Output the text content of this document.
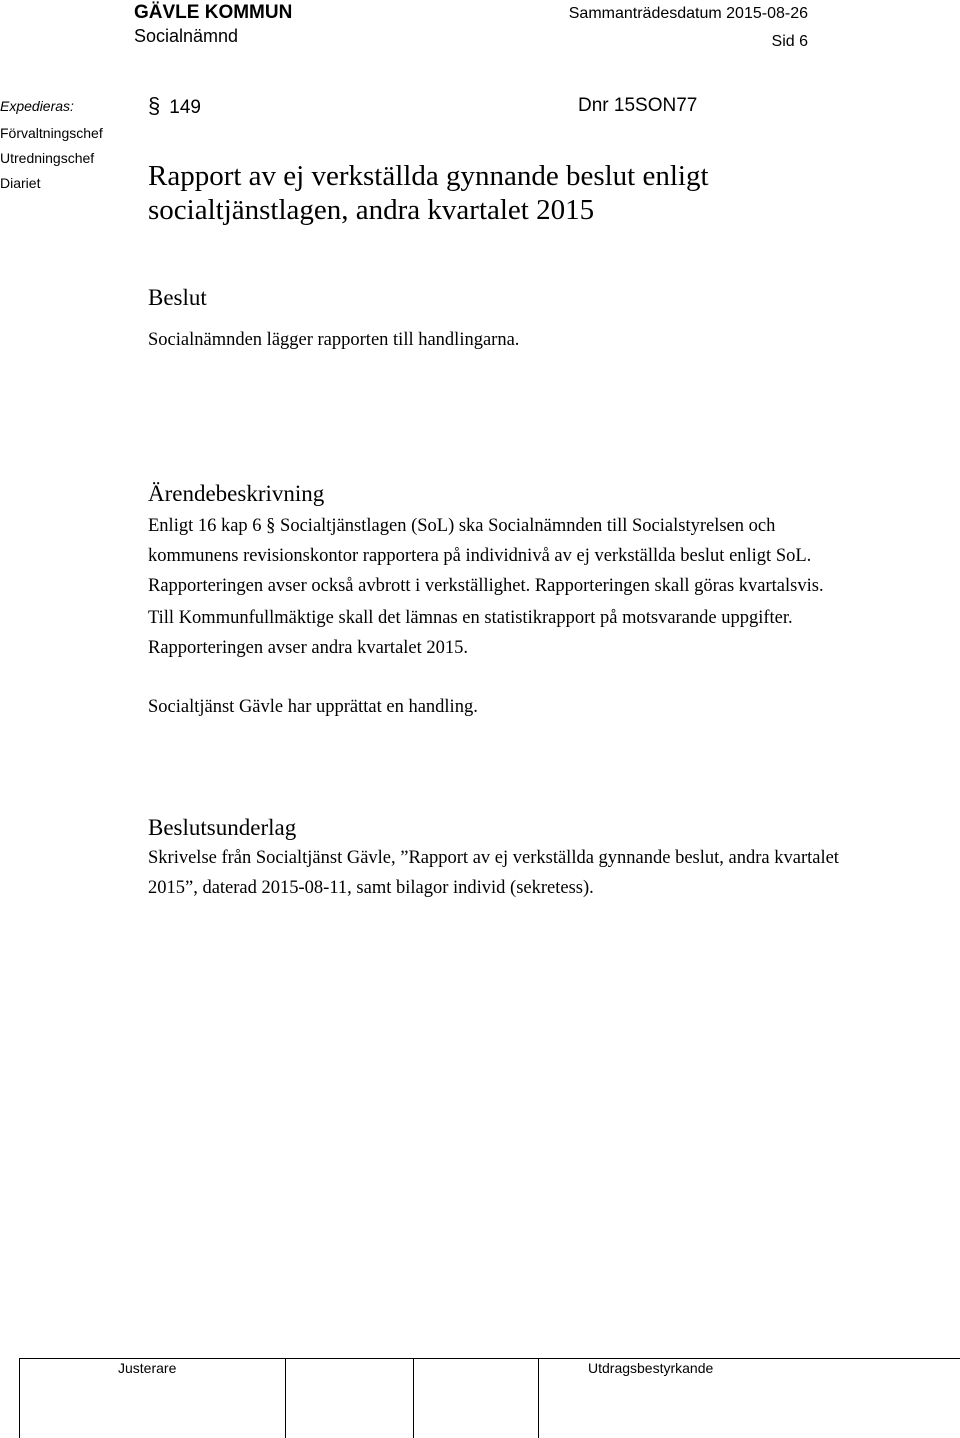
GÄVLE KOMMUN
Socialnämnd
Sammanträdesdatum 2015-08-26
Sid 6
Expedieras:
Förvaltningschef
Utredningschef
Diariet
§ 149	Dnr 15SON77
Rapport av ej verkställda gynnande beslut enligt socialtjänstlagen, andra kvartalet 2015
Beslut

Socialnämnden lägger rapporten till handlingarna.

Ärendebeskrivning

Enligt 16 kap 6 § Socialtjänstlagen (SoL) ska Socialnämnden till Socialstyrelsen och kommunens revisionskontor rapportera på individnivå av ej verkställda beslut enligt SoL. Rapporteringen avser också avbrott i verkställighet. Rapporteringen skall göras kvartalsvis.

Till Kommunfullmäktige skall det lämnas en statistikrapport på motsvarande uppgifter. Rapporteringen avser andra kvartalet 2015.

Socialtjänst Gävle har upprättat en handling.

Beslutsunderlag

Skrivelse från Socialtjänst Gävle, ”Rapport av ej verkställda gynnande beslut, andra kvartalet 2015”, daterad 2015-08-11, samt bilagor individ (sekretess).

Justerare	Utdragsbestyrkande
